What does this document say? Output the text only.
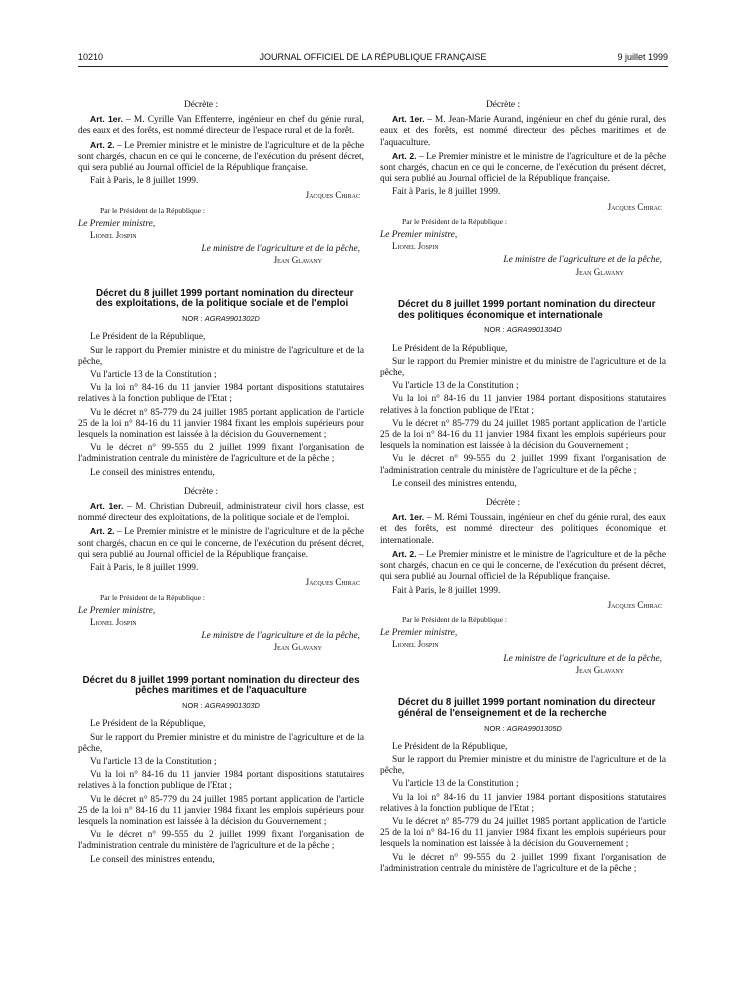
10210	JOURNAL OFFICIEL DE LA RÉPUBLIQUE FRANÇAISE	9 juillet 1999

Décrète :

Art. 1er. – M. Cyrille Van Effenterre, ingénieur en chef du génie rural, des eaux et des forêts, est nommé directeur de l'espace rural et de la forêt.

Art. 2. – Le Premier ministre et le ministre de l'agriculture et de la pêche sont chargés, chacun en ce qui le concerne, de l'exécution du présent décret, qui sera publié au Journal officiel de la République française.

Fait à Paris, le 8 juillet 1999.

Jacques Chirac

Par le Président de la République :

Le Premier ministre,

Lionel Jospin

Le ministre de l'agriculture et de la pêche,

Jean Glavany

Décret du 8 juillet 1999 portant nomination du directeur des exploitations, de la politique sociale et de l'emploi

NOR : AGRA9901302D

Le Président de la République,

Sur le rapport du Premier ministre et du ministre de l'agriculture et de la pêche,

Vu l'article 13 de la Constitution ;

Vu la loi n° 84-16 du 11 janvier 1984 portant dispositions statutaires relatives à la fonction publique de l'Etat ;

Vu le décret n° 85-779 du 24 juillet 1985 portant application de l'article 25 de la loi n° 84-16 du 11 janvier 1984 fixant les emplois supérieurs pour lesquels la nomination est laissée à la décision du Gouvernement ;

Vu le décret n° 99-555 du 2 juillet 1999 fixant l'organisation de l'administration centrale du ministère de l'agriculture et de la pêche ;

Le conseil des ministres entendu,

Décrète :

Art. 1er. – M. Christian Dubreuil, administrateur civil hors classe, est nommé directeur des exploitations, de la politique sociale et de l'emploi.

Art. 2. – Le Premier ministre et le ministre de l'agriculture et de la pêche sont chargés, chacun en ce qui le concerne, de l'exécution du présent décret, qui sera publié au Journal officiel de la République française.

Fait à Paris, le 8 juillet 1999.

Jacques Chirac

Par le Président de la République :

Le Premier ministre,

Lionel Jospin

Le ministre de l'agriculture et de la pêche,

Jean Glavany

Décret du 8 juillet 1999 portant nomination du directeur des pêches maritimes et de l'aquaculture

NOR : AGRA9901303D

Le Président de la République,

Sur le rapport du Premier ministre et du ministre de l'agriculture et de la pêche,

Vu l'article 13 de la Constitution ;

Vu la loi n° 84-16 du 11 janvier 1984 portant dispositions statutaires relatives à la fonction publique de l'Etat ;

Vu le décret n° 85-779 du 24 juillet 1985 portant application de l'article 25 de la loi n° 84-16 du 11 janvier 1984 fixant les emplois supérieurs pour lesquels la nomination est laissée à la décision du Gouvernement ;

Vu le décret n° 99-555 du 2 juillet 1999 fixant l'organisation de l'administration centrale du ministère de l'agriculture et de la pêche ;

Le conseil des ministres entendu,

Décrète :

Art. 1er. – M. Jean-Marie Aurand, ingénieur en chef du génie rural, des eaux et des forêts, est nommé directeur des pêches maritimes et de l'aquaculture.

Art. 2. – Le Premier ministre et le ministre de l'agriculture et de la pêche sont chargés, chacun en ce qui le concerne, de l'exécution du présent décret, qui sera publié au Journal officiel de la République française.

Fait à Paris, le 8 juillet 1999.

Jacques Chirac

Par le Président de la République :

Le Premier ministre,

Lionel Jospin

Le ministre de l'agriculture et de la pêche,

Jean Glavany

Décret du 8 juillet 1999 portant nomination du directeur des politiques économique et internationale

NOR : AGRA9901304D

Le Président de la République,

Sur le rapport du Premier ministre et du ministre de l'agriculture et de la pêche,

Vu l'article 13 de la Constitution ;

Vu la loi n° 84-16 du 11 janvier 1984 portant dispositions statutaires relatives à la fonction publique de l'Etat ;

Vu le décret n° 85-779 du 24 juillet 1985 portant application de l'article 25 de la loi n° 84-16 du 11 janvier 1984 fixant les emplois supérieurs pour lesquels la nomination est laissée à la décision du Gouvernement ;

Vu le décret n° 99-555 du 2 juillet 1999 fixant l'organisation de l'administration centrale du ministère de l'agriculture et de la pêche ;

Le conseil des ministres entendu,

Décrète :

Art. 1er. – M. Rémi Toussain, ingénieur en chef du génie rural, des eaux et des forêts, est nommé directeur des politiques économique et internationale.

Art. 2. – Le Premier ministre et le ministre de l'agriculture et de la pêche sont chargés, chacun en ce qui le concerne, de l'exécution du présent décret, qui sera publié au Journal officiel de la République française.

Fait à Paris, le 8 juillet 1999.

Jacques Chirac

Par le Président de la République :

Le Premier ministre,

Lionel Jospin

Le ministre de l'agriculture et de la pêche,

Jean Glavany

Décret du 8 juillet 1999 portant nomination du directeur général de l'enseignement et de la recherche

NOR : AGRA9901305D

Le Président de la République,

Sur le rapport du Premier ministre et du ministre de l'agriculture et de la pêche,

Vu l'article 13 de la Constitution ;

Vu la loi n° 84-16 du 11 janvier 1984 portant dispositions statutaires relatives à la fonction publique de l'Etat ;

Vu le décret n° 85-779 du 24 juillet 1985 portant application de l'article 25 de la loi n° 84-16 du 11 janvier 1984 fixant les emplois supérieurs pour lesquels la nomination est laissée à la décision du Gouvernement ;

Vu le décret n° 99-555 du 2 juillet 1999 fixant l'organisation de l'administration centrale du ministère de l'agriculture et de la pêche ;
